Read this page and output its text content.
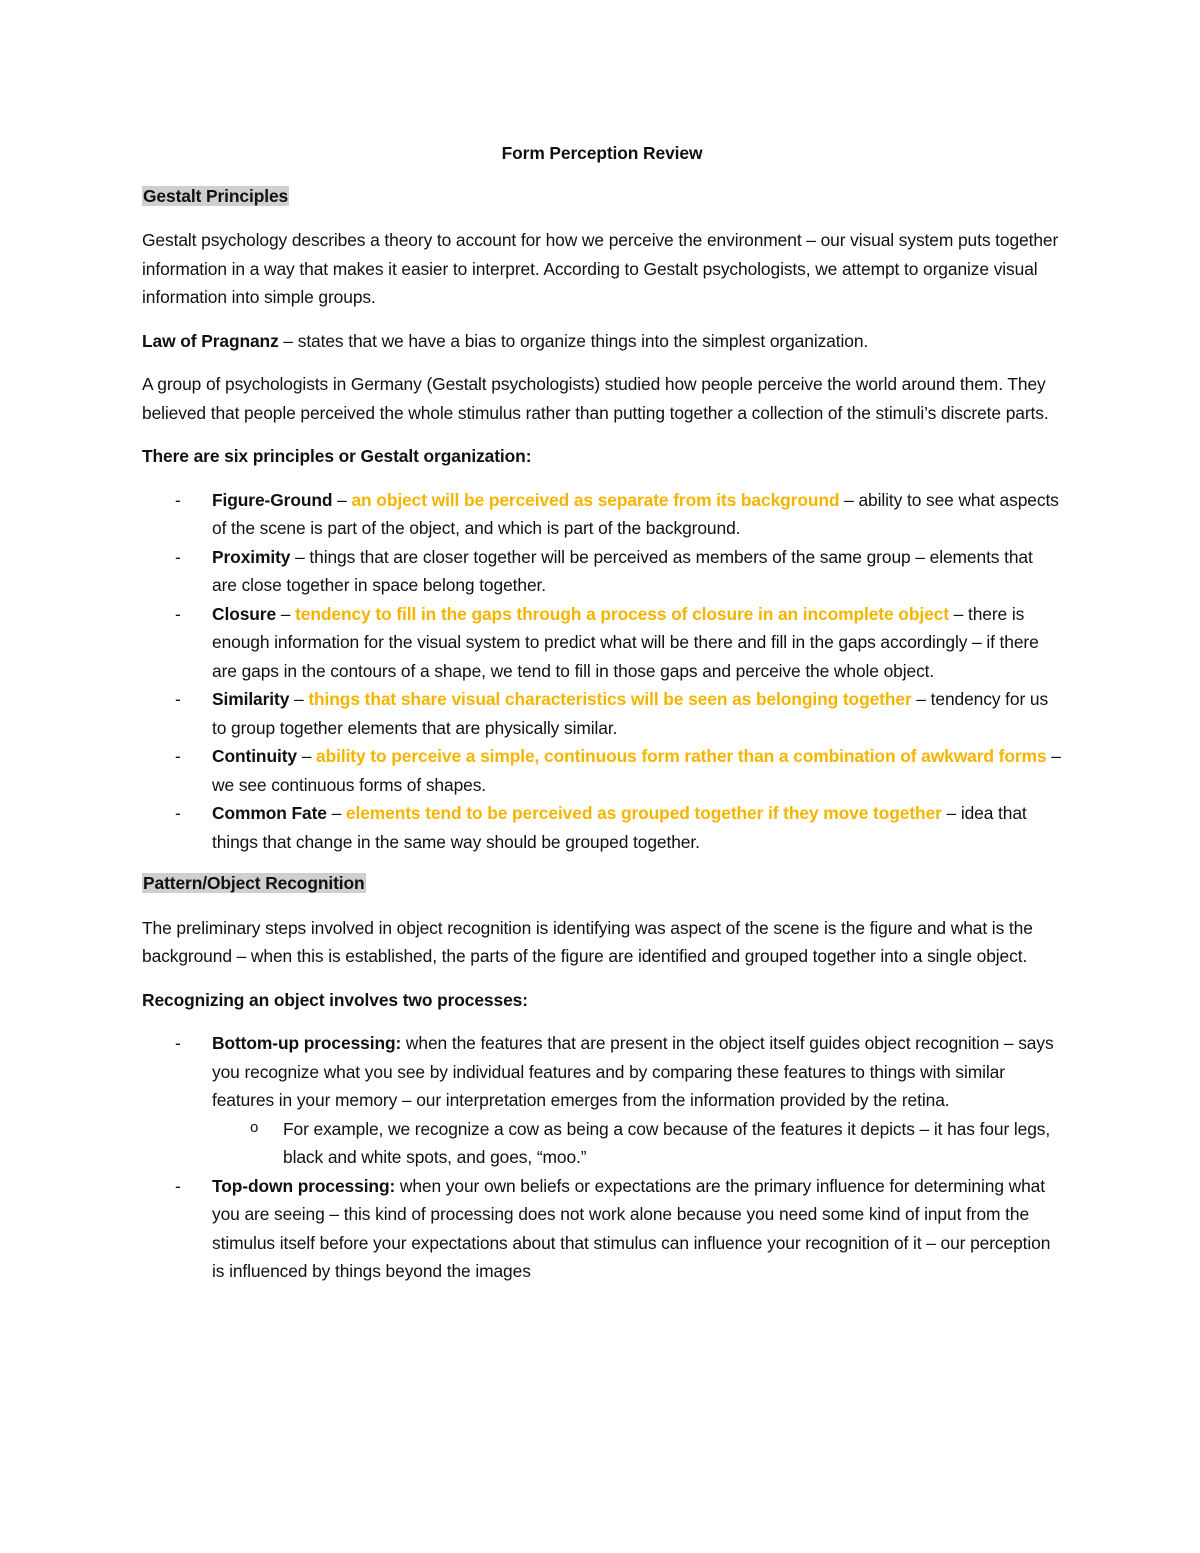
Form Perception Review
Gestalt Principles

Gestalt psychology describes a theory to account for how we perceive the environment – our visual system puts together information in a way that makes it easier to interpret. According to Gestalt psychologists, we attempt to organize visual information into simple groups.

Law of Pragnanz – states that we have a bias to organize things into the simplest organization.

A group of psychologists in Germany (Gestalt psychologists) studied how people perceive the world around them. They believed that people perceived the whole stimulus rather than putting together a collection of the stimuli’s discrete parts.

There are six principles or Gestalt organization:

- Figure-Ground – an object will be perceived as separate from its background – ability to see what aspects of the scene is part of the object, and which is part of the background.
- Proximity – things that are closer together will be perceived as members of the same group – elements that are close together in space belong together.
- Closure – tendency to fill in the gaps through a process of closure in an incomplete object – there is enough information for the visual system to predict what will be there and fill in the gaps accordingly – if there are gaps in the contours of a shape, we tend to fill in those gaps and perceive the whole object.
- Similarity – things that share visual characteristics will be seen as belonging together – tendency for us to group together elements that are physically similar.
- Continuity – ability to perceive a simple, continuous form rather than a combination of awkward forms – we see continuous forms of shapes.
- Common Fate – elements tend to be perceived as grouped together if they move together – idea that things that change in the same way should be grouped together.
Pattern/Object Recognition

The preliminary steps involved in object recognition is identifying was aspect of the scene is the figure and what is the background – when this is established, the parts of the figure are identified and grouped together into a single object.

Recognizing an object involves two processes:

- Bottom-up processing: when the features that are present in the object itself guides object recognition – says you recognize what you see by individual features and by comparing these features to things with similar features in your memory – our interpretation emerges from the information provided by the retina.
o For example, we recognize a cow as being a cow because of the features it depicts – it has four legs, black and white spots, and goes, “moo.”
- Top-down processing: when your own beliefs or expectations are the primary influence for determining what you are seeing – this kind of processing does not work alone because you need some kind of input from the stimulus itself before your expectations about that stimulus can influence your recognition of it – our perception is influenced by things beyond the images
